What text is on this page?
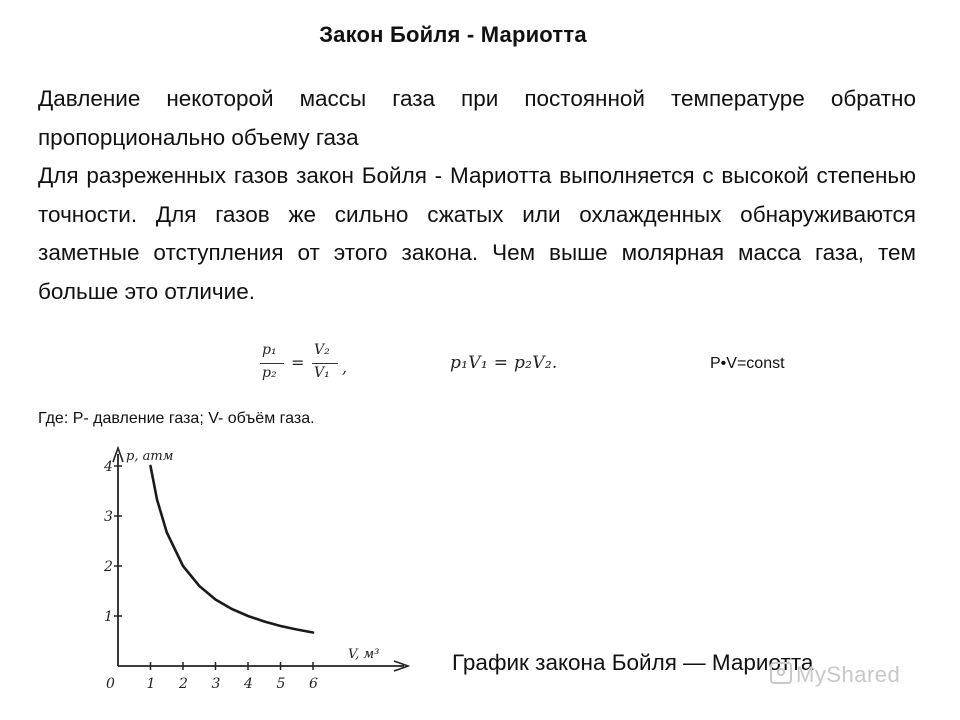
Закон Бойля - Мариотта

Давление некоторой массы газа при постоянной температуре обратно пропорционально объему газа

Для разреженных газов закон Бойля - Мариотта выполняется с высокой степенью точности. Для газов же сильно сжатых или охлажденных обнаруживаются заметные отступления от этого закона. Чем выше молярная масса газа, тем больше это отличие.

p₁
p₂
=
V₂
V₁ ,	p₁V₁ = p₂V₂.	P•V=const
Где: Р- давление газа; V- объём газа.
1
2
3
4
0 1 2 3 4 5 6
p, атм
V, м³	График закона Бойля — Мариотта
MyShared
